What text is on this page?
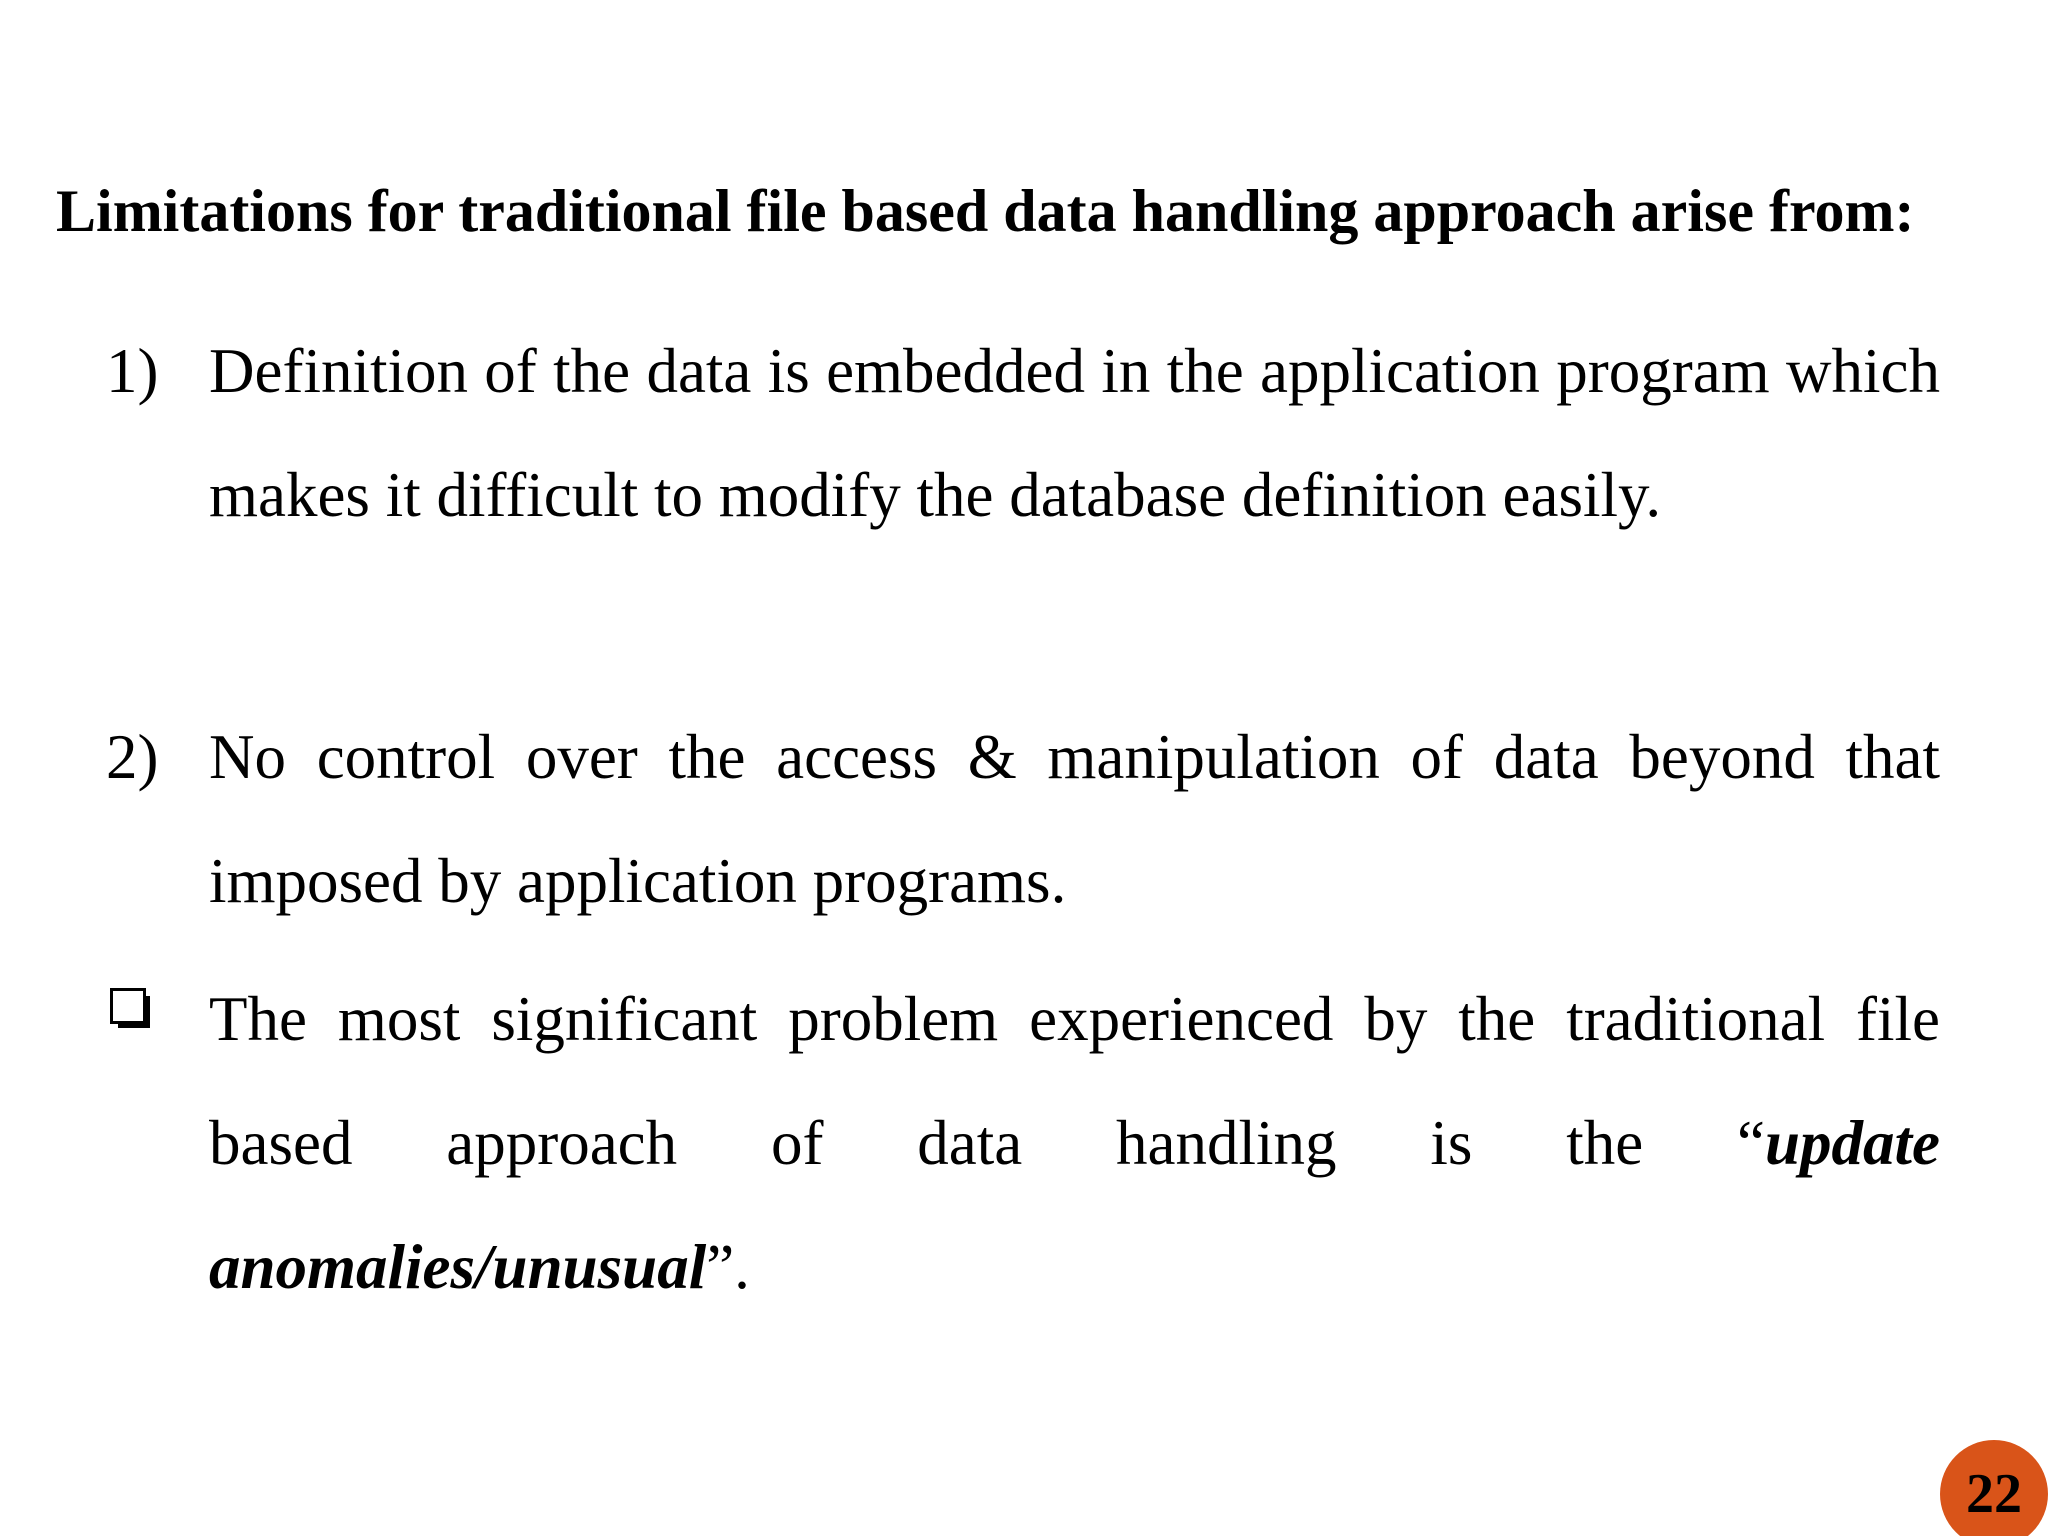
Limitations for traditional file based data handling approach arise from:

1) Definition of the data is embedded in the application program which makes it difficult to modify the database definition easily.

2) No control over the access & manipulation of data beyond that imposed by application programs.

The most significant problem experienced by the traditional file based approach of data handling is the “update anomalies/unusual”.

22
